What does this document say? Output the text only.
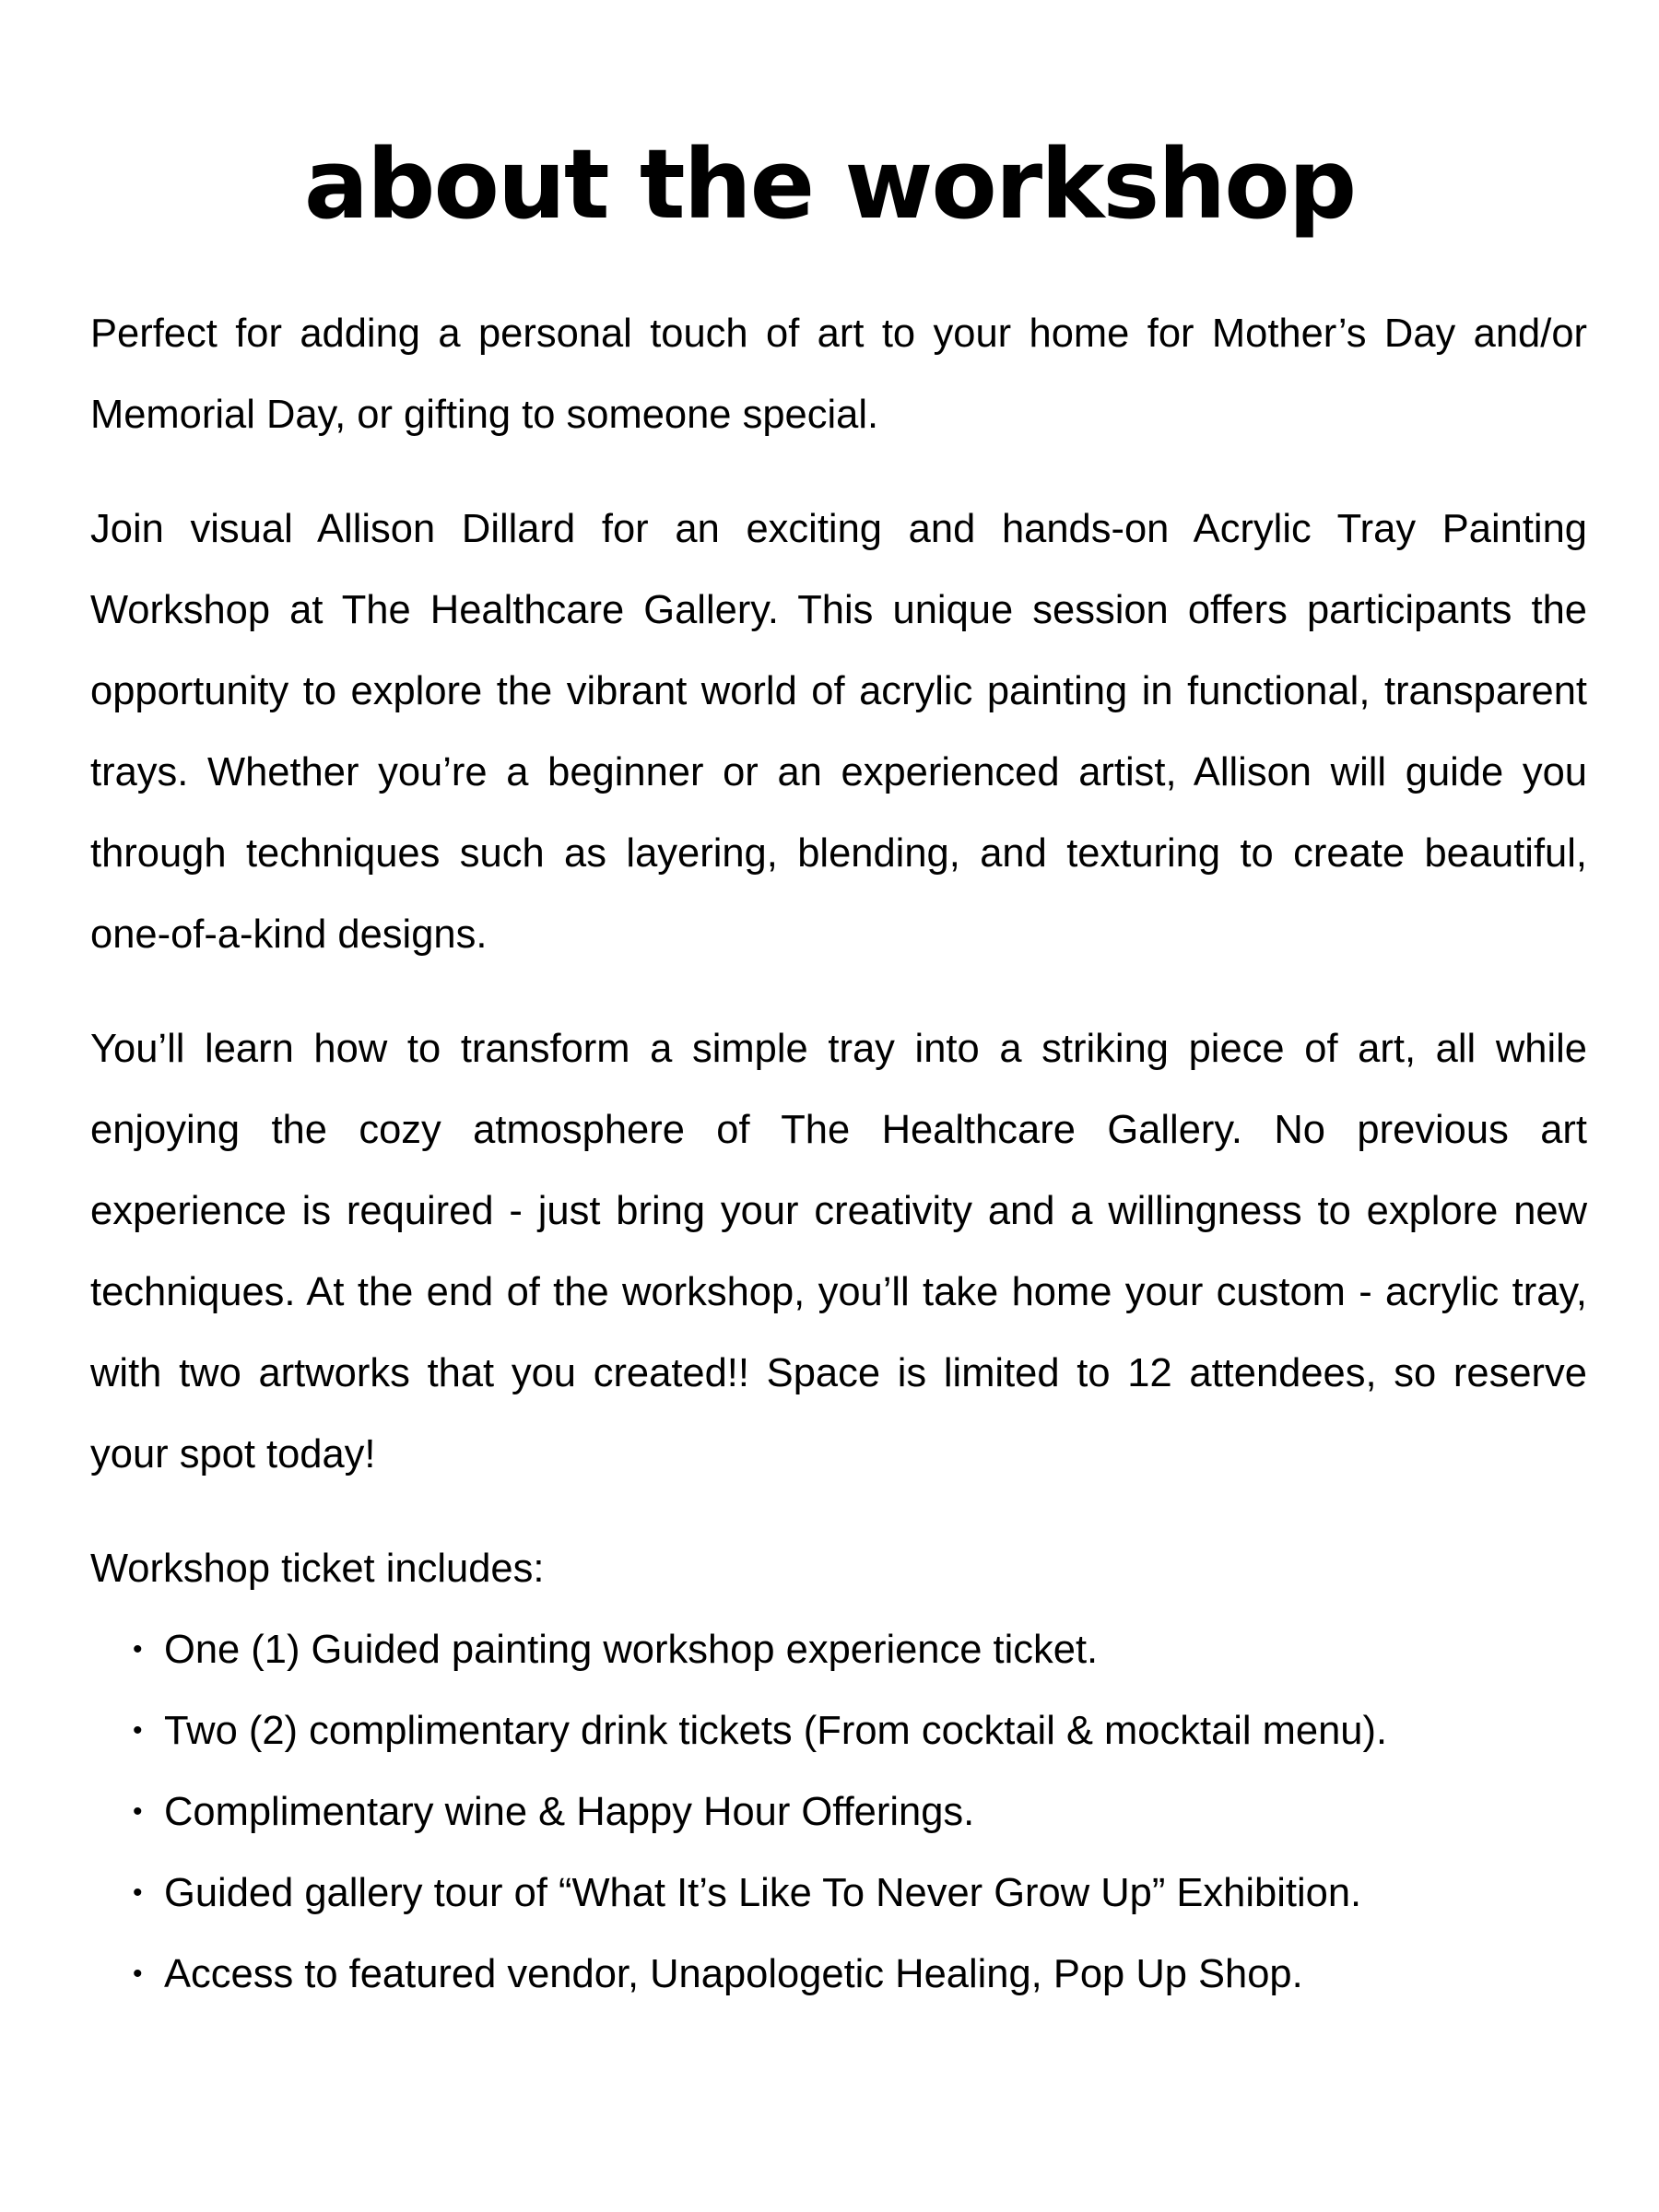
about the workshop

Perfect for adding a personal touch of art to your home for Mother’s Day and/or Memorial Day, or gifting to someone special.

Join visual Allison Dillard for an exciting and hands-on Acrylic Tray Painting Workshop at The Healthcare Gallery. This unique session offers participants the opportunity to explore the vibrant world of acrylic painting in functional, transparent trays. Whether you’re a beginner or an experienced artist, Allison will guide you through techniques such as layering, blending, and texturing to create beautiful, one-of-a-kind designs.

You’ll learn how to transform a simple tray into a striking piece of art, all while enjoying the cozy atmosphere of The Healthcare Gallery. No previous art experience is required - just bring your creativity and a willingness to explore new techniques. At the end of the workshop, you’ll take home your custom - acrylic tray, with two artworks that you created!! Space is limited to 12 attendees, so reserve your spot today!

Workshop ticket includes:

• One (1) Guided painting workshop experience ticket.
• Two (2) complimentary drink tickets (From cocktail & mocktail menu).
• Complimentary wine & Happy Hour Offerings.
• Guided gallery tour of “What It’s Like To Never Grow Up” Exhibition.
• Access to featured vendor, Unapologetic Healing, Pop Up Shop.
